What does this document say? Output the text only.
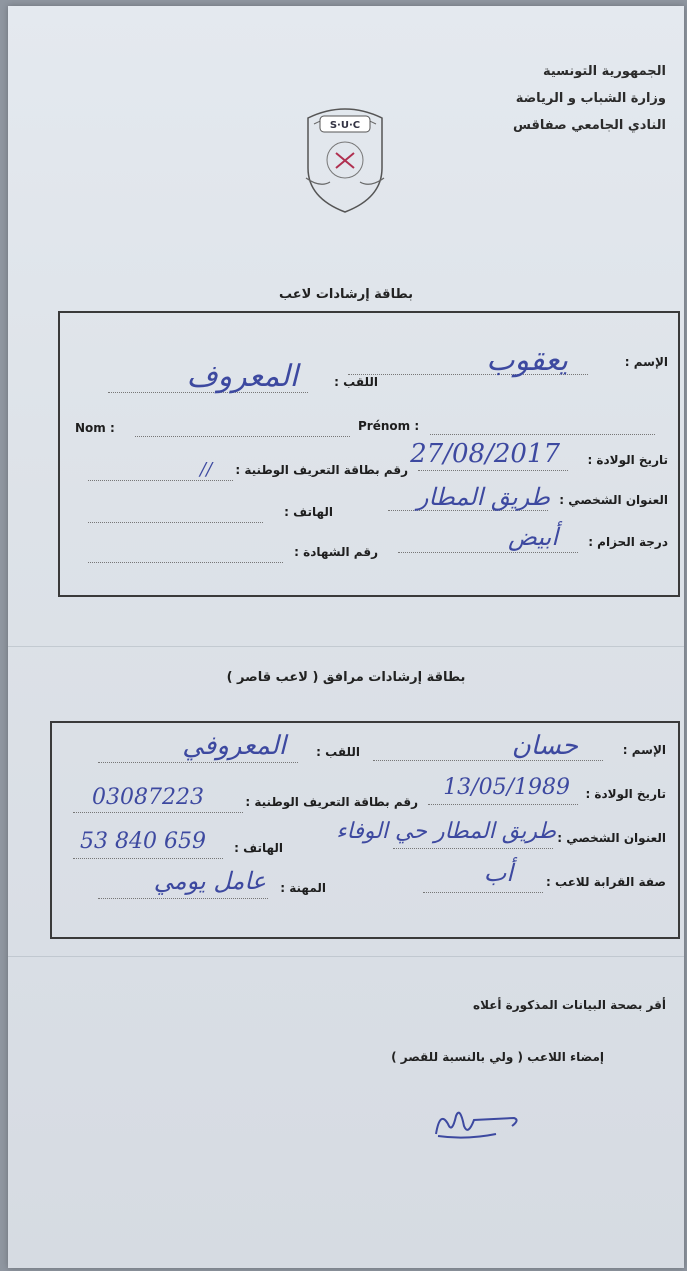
الجمهورية التونسية
وزارة الشباب و الرياضة
النادي الجامعي صفاقس
S·U·C
بطاقة إرشادات لاعب
الإسم :
يعقوب
اللقب :
المعروف
Nom :	Prénom :
تاريخ الولادة :
27/08/2017
رقم بطاقة التعريف الوطنية :
//
العنوان الشخصي :
طريق المطار
الهاتف :
درجة الحزام :
أبيض
رقم الشهادة :
بطاقة إرشادات مرافق ( لاعب قاصر )
الإسم :
حسان
اللقب :
المعروفي
تاريخ الولادة :
13/05/1989
رقم بطاقة التعريف الوطنية :
03087223
العنوان الشخصي :
طريق المطار حي الوفاء
الهاتف :
53 840 659
صفة القرابة للاعب :
أب
المهنة :
عامل يومي
أقر بصحة البيانات المذكورة أعلاه
إمضاء اللاعب ( ولي بالنسبة للقصر )
